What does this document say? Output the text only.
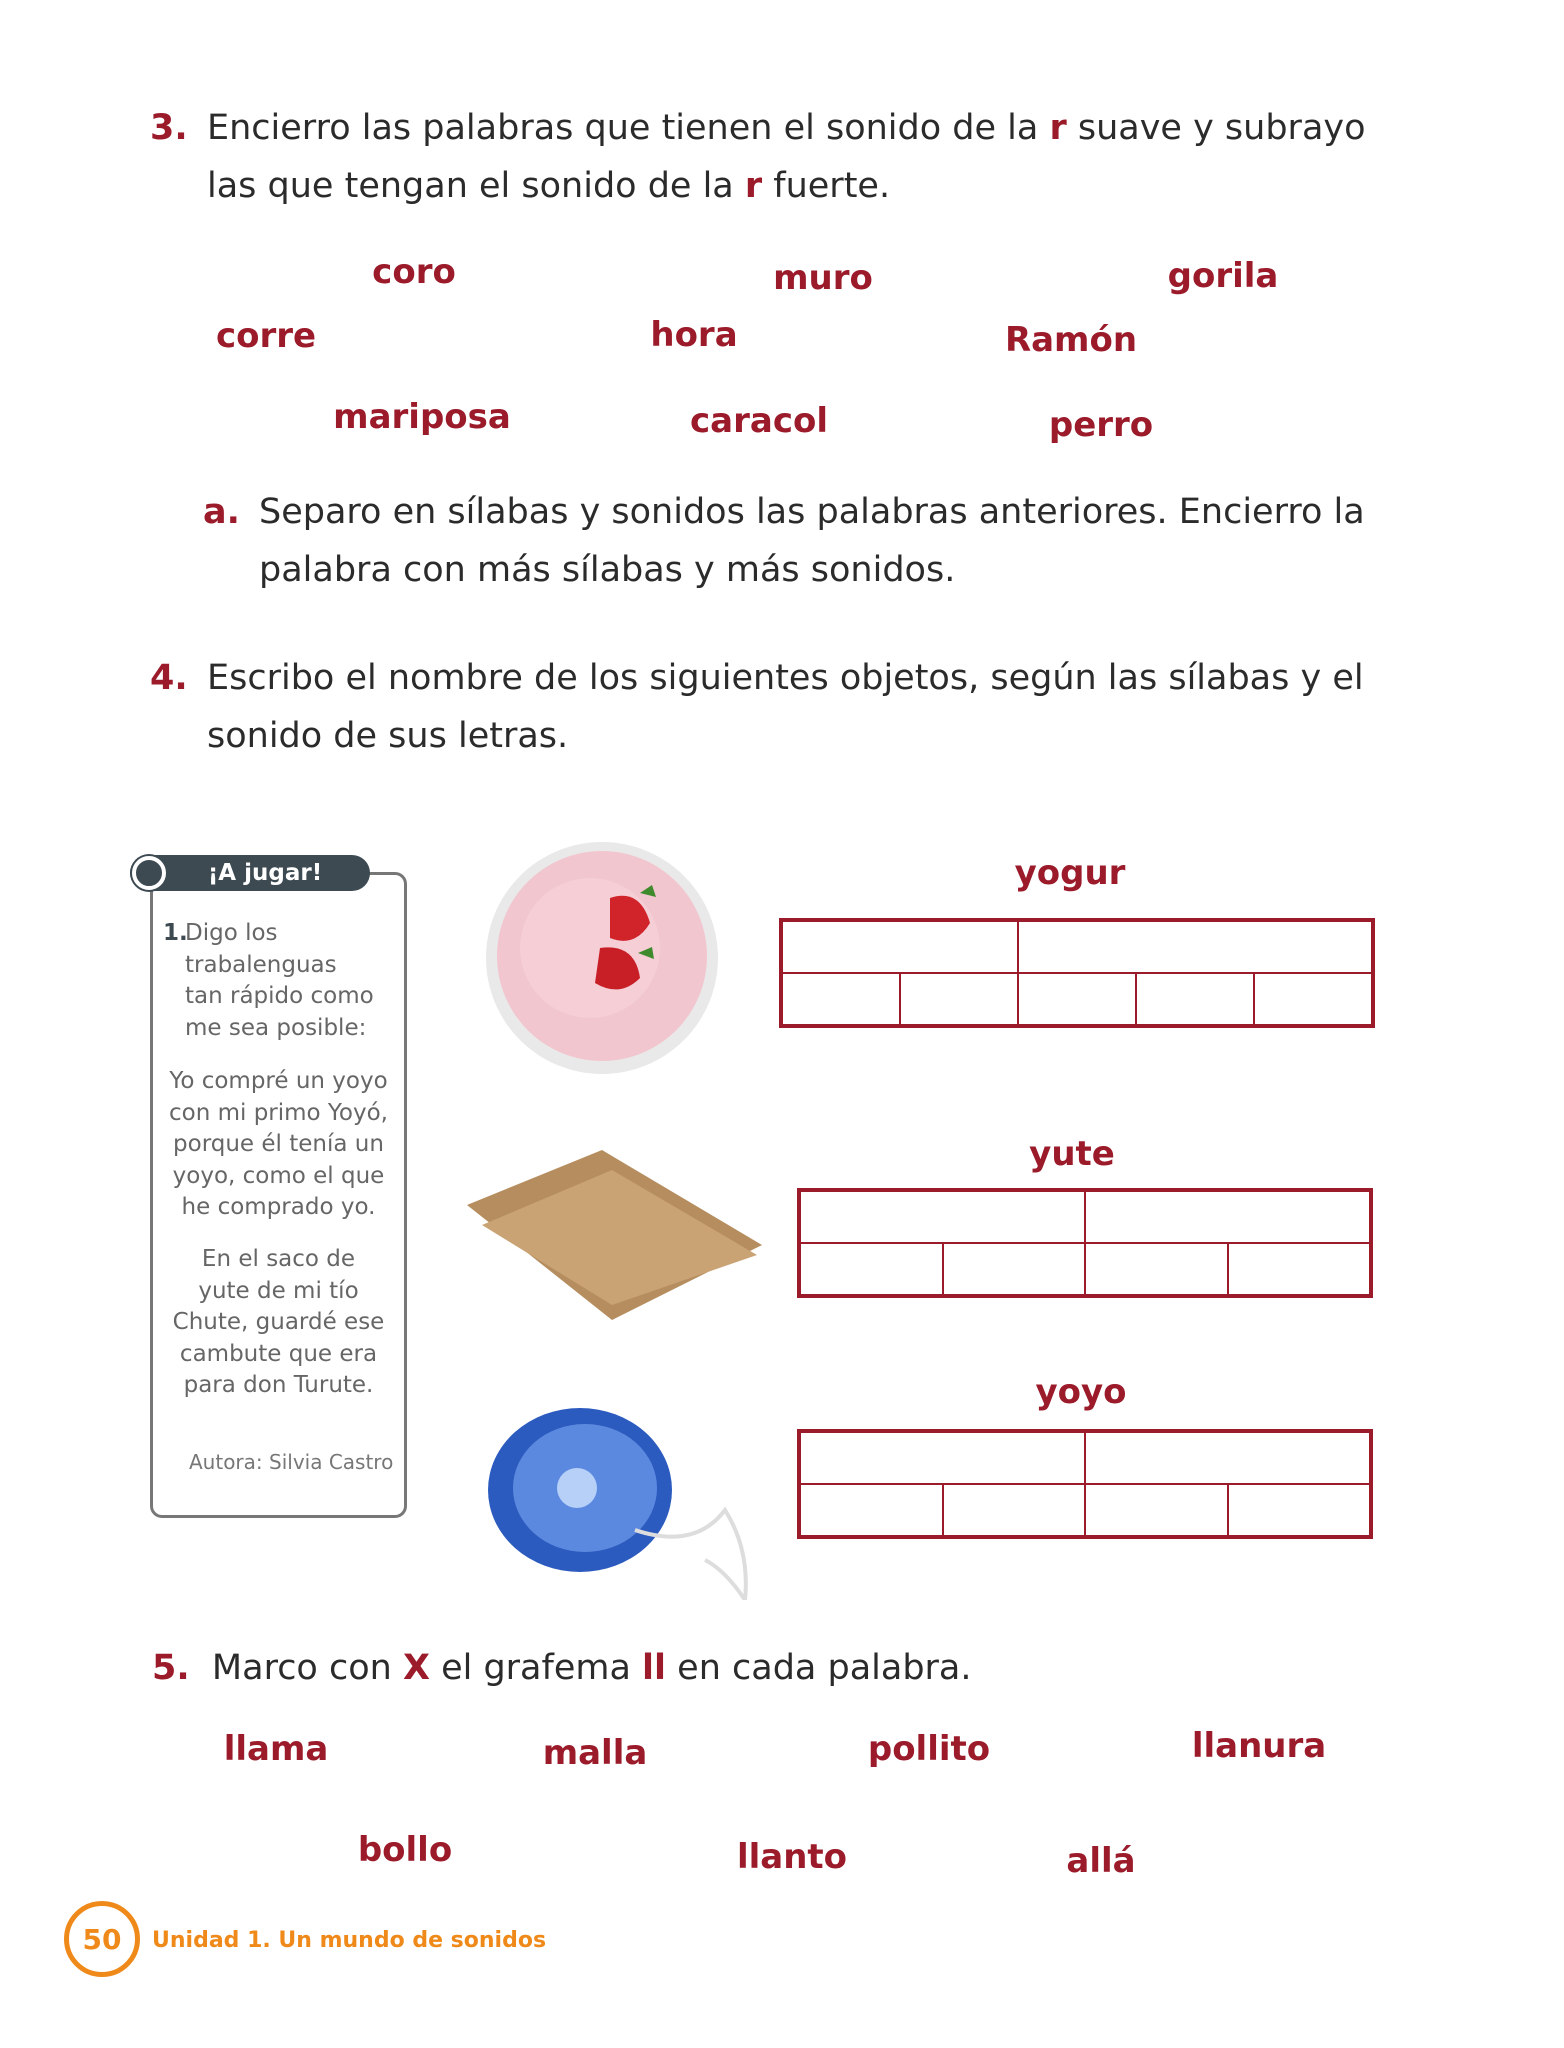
3. Encierro las palabras que tienen el sonido de la r suave y subrayo
las que tengan el sonido de la r fuerte.
coro	muro	gorila
corre	hora	Ramón
mariposa	caracol	perro
a. Separo en sílabas y sonidos las palabras anteriores. Encierro la
palabra con más sílabas y más sonidos.
4. Escribo el nombre de los siguientes objetos, según las sílabas y el
sonido de sus letras.
¡A jugar!
1.
Digo los
trabalenguas
tan rápido como
me sea posible:
Yo compré un yoyo
con mi primo Yoyó,
porque él tenía un
yoyo, como el que
he comprado yo.
En el saco de
yute de mi tío
Chute, guardé ese
cambute que era
para don Turute.
Autora: Silvia Castro
yogur
yute
yoyo
5. Marco con X el grafema ll en cada palabra.
llama	malla	pollito	llanura
bollo	llanto	allá
50	Unidad 1. Un mundo de sonidos
